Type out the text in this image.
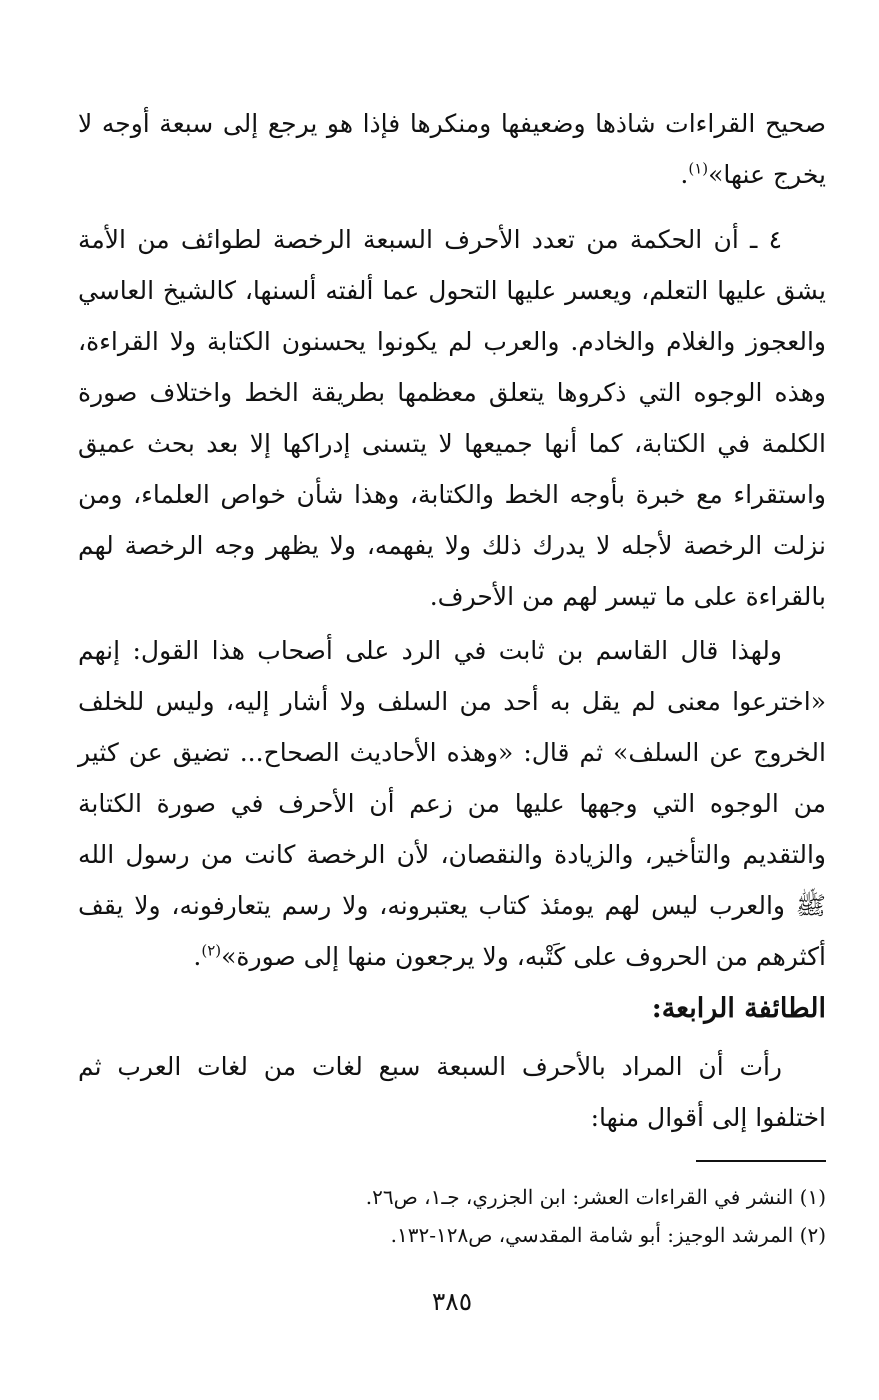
صحيح القراءات شاذها وضعيفها ومنكرها فإذا هو يرجع إلى سبعة أوجه لا يخرج عنها»$^{(١)}$.

٤ ـ أن الحكمة من تعدد الأحرف السبعة الرخصة لطوائف من الأمة يشق عليها التعلم، ويعسر عليها التحول عما ألفته ألسنها، كالشيخ العاسي والعجوز والغلام والخادم. والعرب لم يكونوا يحسنون الكتابة ولا القراءة، وهذه الوجوه التي ذكروها يتعلق معظمها بطريقة الخط واختلاف صورة الكلمة في الكتابة، كما أنها جميعها لا يتسنى إدراكها إلا بعد بحث عميق واستقراء مع خبرة بأوجه الخط والكتابة، وهذا شأن خواص العلماء، ومن نزلت الرخصة لأجله لا يدرك ذلك ولا يفهمه، ولا يظهر وجه الرخصة لهم بالقراءة على ما تيسر لهم من الأحرف.

ولهذا قال القاسم بن ثابت في الرد على أصحاب هذا القول: إنهم «اخترعوا معنى لم يقل به أحد من السلف ولا أشار إليه، وليس للخلف الخروج عن السلف» ثم قال: «وهذه الأحاديث الصحاح... تضيق عن كثير من الوجوه التي وجهها عليها من زعم أن الأحرف في صورة الكتابة والتقديم والتأخير، والزيادة والنقصان، لأن الرخصة كانت من رسول الله ﷺ والعرب ليس لهم يومئذ كتاب يعتبرونه، ولا رسم يتعارفونه، ولا يقف أكثرهم من الحروف على كَتْبه، ولا يرجعون منها إلى صورة»$^{(٢)}$.

الطائفة الرابعة:

رأت أن المراد بالأحرف السبعة سبع لغات من لغات العرب ثم اختلفوا إلى أقوال منها:

(١) النشر في القراءات العشر: ابن الجزري، جـ١، ص٢٦.
(٢) المرشد الوجيز: أبو شامة المقدسي، ص١٢٨-١٣٢.
٣٨٥
